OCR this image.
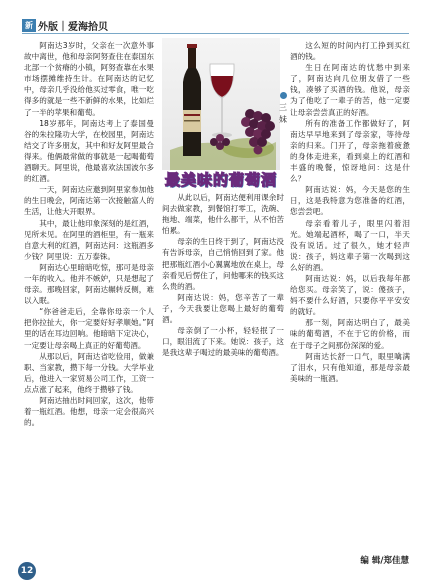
新 外版｜爱海拾贝

阿南达3岁时，父亲在一次意外事故中离世，他和母亲阿努查住在泰国东北部一个贫瘠的小镇，阿努查靠在水果市场摆摊维持生计。在阿南达的记忆中，母亲几乎没给他买过零食，唯一吃得多的就是一些不新鲜的水果，比如烂了一半的苹果和葡萄。

18岁那年，阿南达考上了泰国曼谷的朱拉隆功大学，在校园里，阿南达结交了许多朋友，其中和好友阿里最合得来。他俩最常做的事就是一起喝葡萄酒聊天。阿里说，他最喜欢法国波尔多的红酒。

一天，阿南达应邀到阿里家参加他的生日晚会，阿南达第一次接触富人的生活，让他大开眼界。

其中，最让他印象深刻的是红酒，见所未见。在阿里的酒柜里，有一瓶来自意大利的红酒，阿南达问：这瓶酒多少钱？阿里说：五万泰铢。

阿南达心里暗暗吃惊，那可是母亲一年的收入。他并不嫉妒，只是想起了母亲。那晚回家，阿南达辗转反侧，难以入眠。

“你爸爸走后，全靠你母亲一个人把你拉扯大，你一定要好好孝顺她。”阿里的话在耳边回响。他暗暗下定决心，一定要让母亲喝上真正的好葡萄酒。

从那以后，阿南达省吃俭用，做兼职、当家教，攒下每一分钱。大学毕业后，他进入一家贸易公司工作，工资一点点涨了起来，他终于攒够了钱。

阿南达抽出时间回家，这次，他带着一瓶红酒。他想，母亲一定会很高兴的。

最美味的葡萄酒
三
妹

从此以后，阿南达便利用课余时间去做家教，到餐馆打零工，洗碗、拖地、端菜，他什么都干，从不怕苦怕累。

母亲的生日终于到了，阿南达没有告诉母亲，自己悄悄回到了家。他把那瓶红酒小心翼翼地放在桌上，母亲看见后愣住了，问他哪来的钱买这么贵的酒。

阿南达说：妈，您辛苦了一辈子，今天我要让您喝上最好的葡萄酒。

母亲倒了一小杯，轻轻抿了一口，眼泪流了下来。她说：孩子，这是我这辈子喝过的最美味的葡萄酒。

这么短的时间内打工挣到买红酒的钱。

生日在阿南达的忧愁中到来了，阿南达向几位朋友借了一些钱，凑够了买酒的钱。他说，母亲为了他吃了一辈子的苦，他一定要让母亲尝尝真正的好酒。

所有的准备工作都做好了，阿南达早早地来到了母亲家，等待母亲的归来。门开了，母亲拖着疲惫的身体走进来，看到桌上的红酒和丰盛的晚餐，惊讶地问：这是什么？

阿南达说：妈，今天是您的生日，这是我特意为您准备的红酒，您尝尝吧。

母亲看着儿子，眼里闪着泪光。她端起酒杯，喝了一口，半天没有说话。过了很久，她才轻声说：孩子，妈这辈子第一次喝到这么好的酒。

阿南达说：妈，以后我每年都给您买。母亲笑了，说：傻孩子，妈不要什么好酒，只要你平平安安的就好。

那一刻，阿南达明白了，最美味的葡萄酒，不在于它的价格，而在于母子之间那份深深的爱。

阿南达长舒一口气，眼里噙满了泪水，只有他知道，那是母亲最美味的一瓶酒。

编 辑/郑佳慧
12
